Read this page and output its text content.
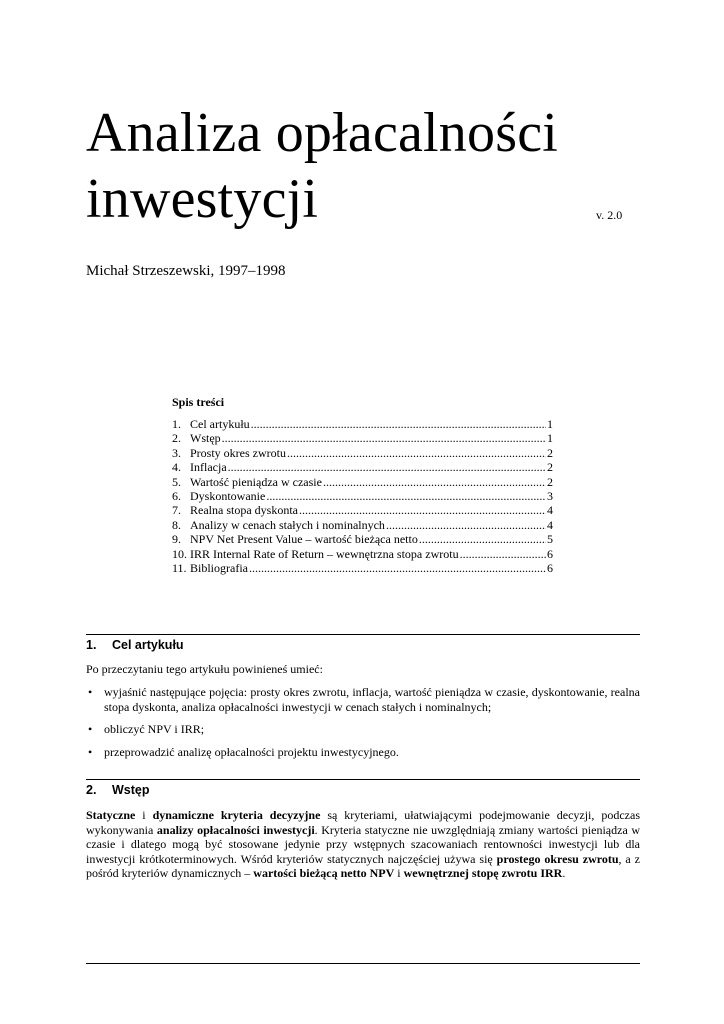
Analiza opłacalności
inwestycji	v. 2.0
Michał Strzeszewski, 1997–1998
Spis treści
1. Cel artykułu .....	1
2. Wstęp .....	1
3. Prosty okres zwrotu .....	2
4. Inflacja .....	2
5. Wartość pieniądza w czasie .....	2
6. Dyskontowanie .....	3
7. Realna stopa dyskonta .....	4
8. Analizy w cenach stałych i nominalnych .....	4
9. NPV Net Present Value – wartość bieżąca netto .....	5
10. IRR Internal Rate of Return – wewnętrzna stopa zwrotu .....	6
11. Bibliografia .....	6
1. Cel artykułu
Po przeczytaniu tego artykułu powinieneś umieć:
• wyjaśnić następujące pojęcia: prosty okres zwrotu, inflacja, wartość pieniądza w czasie, dyskontowanie, realna stopa dyskonta, analiza opłacalności inwestycji w cenach stałych i nominalnych;
• obliczyć NPV i IRR;
• przeprowadzić analizę opłacalności projektu inwestycyjnego.
2. Wstęp
Statyczne i dynamiczne kryteria decyzyjne są kryteriami, ułatwiającymi podejmowanie decyzji, podczas wykonywania analizy opłacalności inwestycji. Kryteria statyczne nie uwzględniają zmiany wartości pieniądza w czasie i dlatego mogą być stosowane jedynie przy wstępnych szacowaniach rentowności inwestycji lub dla inwestycji krótkoterminowych. Wśród kryteriów statycznych najczęściej używa się prostego okresu zwrotu, a z pośród kryteriów dynamicznych – wartości bieżącą netto NPV i wewnętrznej stopę zwrotu IRR.
